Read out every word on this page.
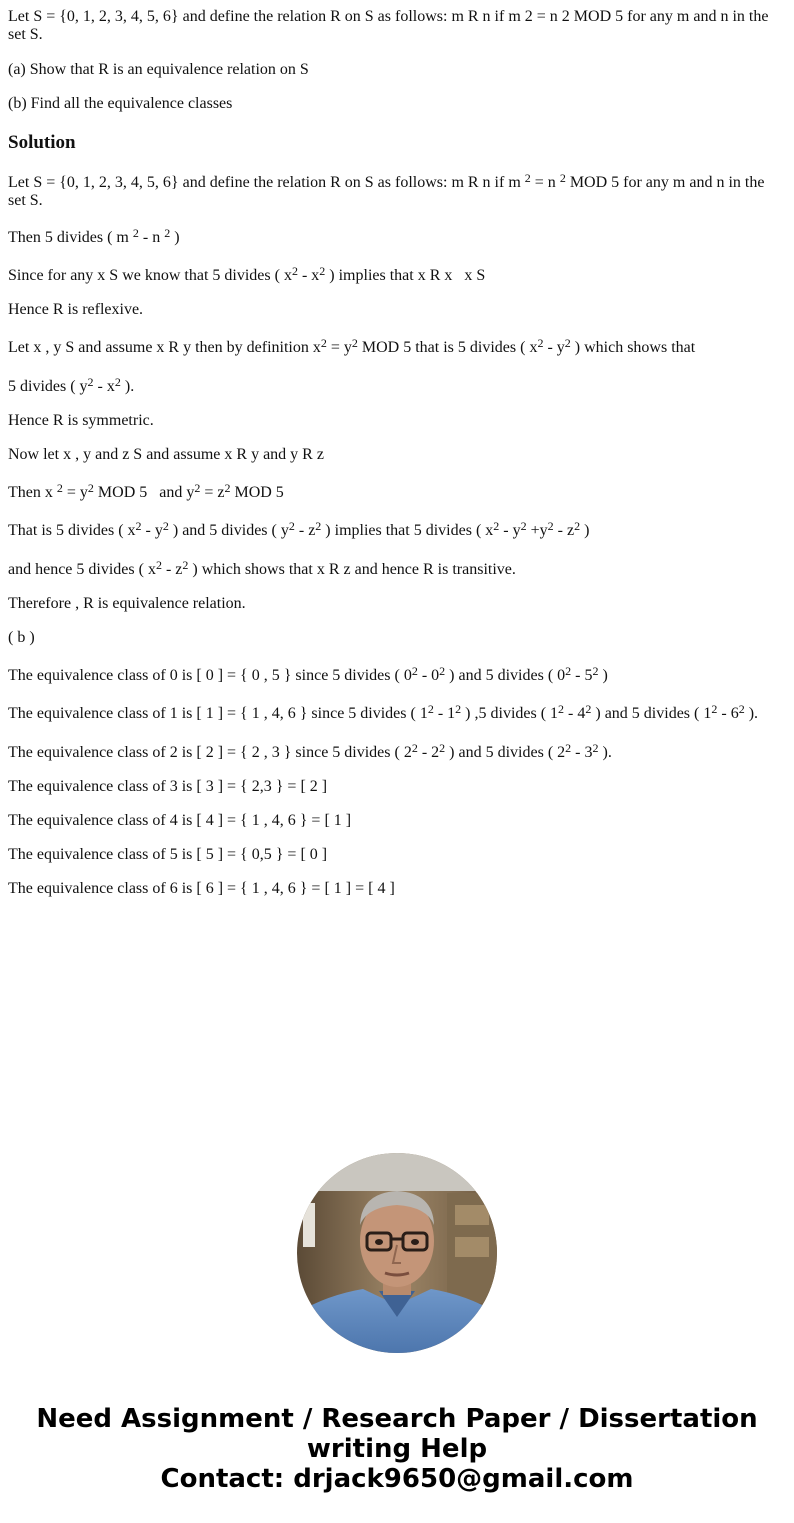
Let S = {0, 1, 2, 3, 4, 5, 6} and define the relation R on S as follows: m R n if m 2 = n 2 MOD 5 for any m and n in the set S.

(a) Show that R is an equivalence relation on S

(b) Find all the equivalence classes

Solution

Let S = {0, 1, 2, 3, 4, 5, 6} and define the relation R on S as follows: m R n if m $^2$ = n $^2$ MOD 5 for any m and n in the set S.

Then 5 divides ( m $^2$ - n $^2$ )

Since for any x S we know that 5 divides ( $x^2 - x^2$ ) implies that x R x   x S

Hence R is reflexive.

Let x , y S and assume x R y then by definition $x^2 = y^2$ MOD 5 that is 5 divides ( $x^2 - y^2$ ) which shows that

5 divides ( $y^2 - x^2$ ).

Hence R is symmetric.

Now let x , y and z S and assume x R y and y R z

Then x $^2 = y^2$ MOD 5   and $y^2 = z^2$ MOD 5

That is 5 divides ( $x^2 - y^2$ ) and 5 divides ( $y^2 - z^2$ ) implies that 5 divides ( $x^2 - y^2 +y^2 - z^2$ )

and hence 5 divides ( $x^2 - z^2$ ) which shows that x R z and hence R is transitive.

Therefore , R is equivalence relation.

( b )

The equivalence class of 0 is [ 0 ] = { 0 , 5 } since 5 divides ( $0^2 - 0^2$ ) and 5 divides ( $0^2 - 5^2$ )

The equivalence class of 1 is [ 1 ] = { 1 , 4, 6 } since 5 divides ( $1^2 - 1^2$ ) ,5 divides ( $1^2 - 4^2$ ) and 5 divides ( $1^2 - 6^2$ ).

The equivalence class of 2 is [ 2 ] = { 2 , 3 } since 5 divides ( $2^2 - 2^2$ ) and 5 divides ( $2^2 - 3^2$ ).

The equivalence class of 3 is [ 3 ] = { 2,3 } = [ 2 ]

The equivalence class of 4 is [ 4 ] = { 1 , 4, 6 } = [ 1 ]

The equivalence class of 5 is [ 5 ] = { 0,5 } = [ 0 ]

The equivalence class of 6 is [ 6 ] = { 1 , 4, 6 } = [ 1 ] = [ 4 ]

Need Assignment / Research Paper / Dissertation
writing Help
Contact: drjack9650@gmail.com
